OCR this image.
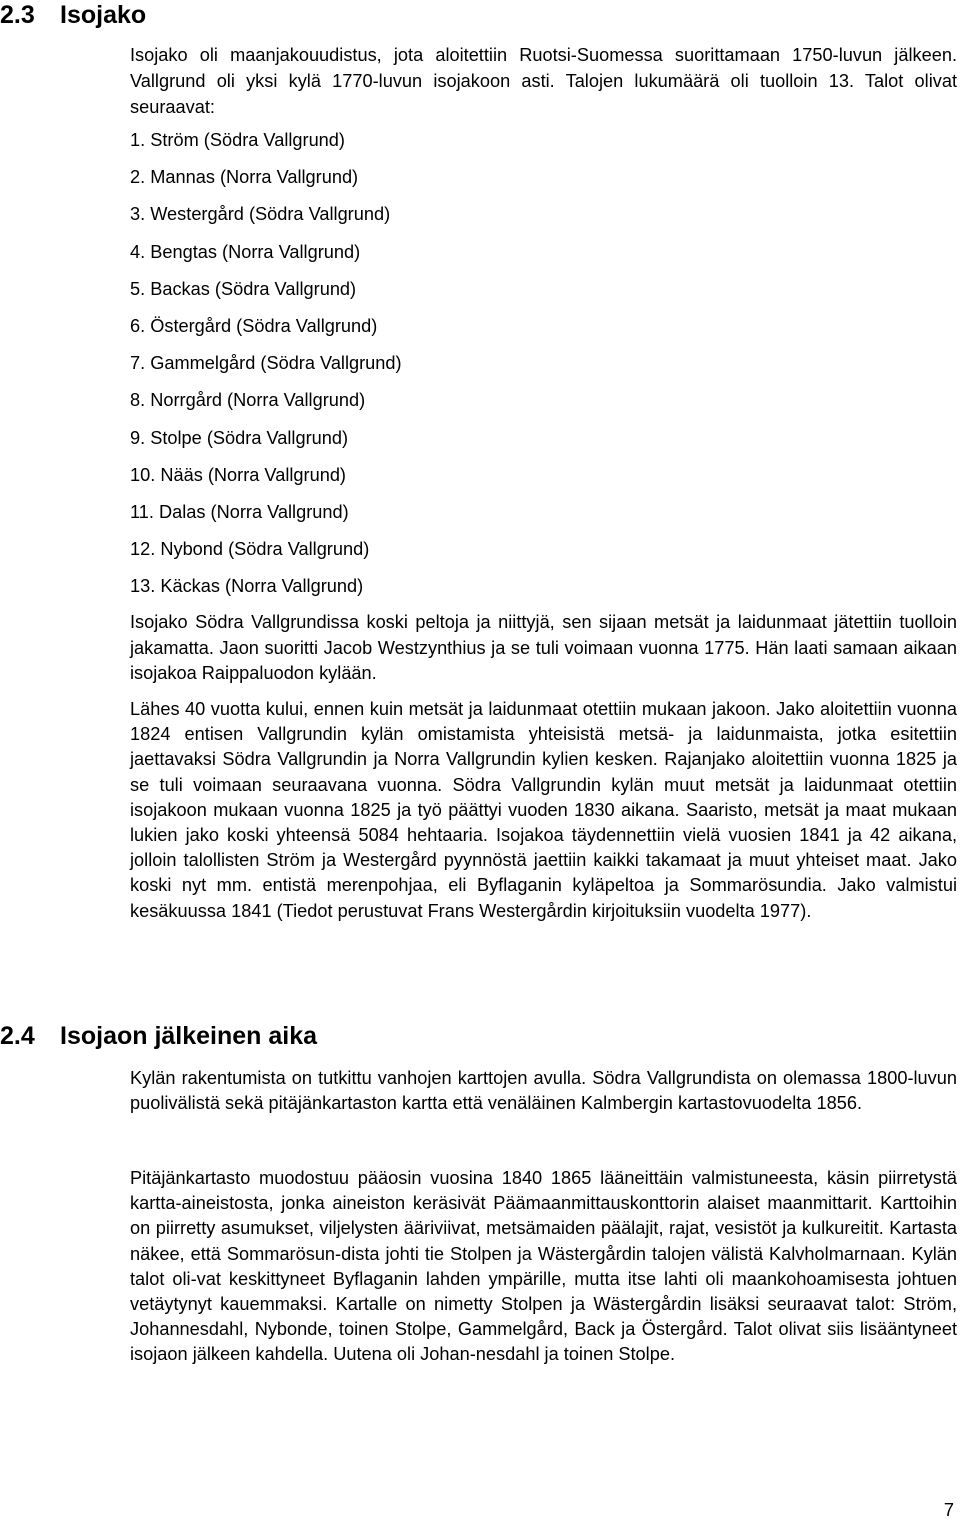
2.3 Isojako

Isojako oli maanjakouudistus, jota aloitettiin Ruotsi-Suomessa suorittamaan 1750-luvun jälkeen. Vallgrund oli yksi kylä 1770-luvun isojakoon asti. Talojen lukumäärä oli tuolloin 13. Talot olivat seuraavat:

1. Ström (Södra Vallgrund)
2. Mannas (Norra Vallgrund)
3. Westergård (Södra Vallgrund)
4. Bengtas (Norra Vallgrund)
5. Backas (Södra Vallgrund)
6. Östergård (Södra Vallgrund)
7. Gammelgård (Södra Vallgrund)
8. Norrgård (Norra Vallgrund)
9. Stolpe (Södra Vallgrund)
10. Nääs (Norra Vallgrund)
11. Dalas (Norra Vallgrund)
12. Nybond (Södra Vallgrund)
13. Käckas (Norra Vallgrund)

Isojako Södra Vallgrundissa koski peltoja ja niittyjä, sen sijaan metsät ja laidunmaat jätettiin tuolloin jakamatta. Jaon suoritti Jacob Westzynthius ja se tuli voimaan vuonna 1775. Hän laati samaan aikaan isojakoa Raippaluodon kylään.

Lähes 40 vuotta kului, ennen kuin metsät ja laidunmaat otettiin mukaan jakoon. Jako aloitettiin vuonna 1824 entisen Vallgrundin kylän omistamista yhteisistä metsä- ja laidunmaista, jotka esitettiin jaettavaksi Södra Vallgrundin ja Norra Vallgrundin kylien kesken. Rajanjako aloitettiin vuonna 1825 ja se tuli voimaan seuraavana vuonna. Södra Vallgrundin kylän muut metsät ja laidunmaat otettiin isojakoon mukaan vuonna 1825 ja työ päättyi vuoden 1830 aikana. Saaristo, metsät ja maat mukaan lukien jako koski yhteensä 5084 hehtaaria. Isojakoa täydennettiin vielä vuosien 1841 ja 42 aikana, jolloin talollisten Ström ja Westergård pyynnöstä jaettiin kaikki takamaat ja muut yhteiset maat. Jako koski nyt mm. entistä merenpohjaa, eli Byflaganin kyläpeltoa ja Sommarösundia. Jako valmistui kesäkuussa 1841 (Tiedot perustuvat Frans Westergårdin kirjoituksiin vuodelta 1977).

2.4 Isojaon jälkeinen aika

Kylän rakentumista on tutkittu vanhojen karttojen avulla. Södra Vallgrundista on olemassa 1800-luvun puolivälistä sekä pitäjänkartaston kartta että venäläinen Kalmbergin kartastovuodelta 1856.

Pitäjänkartasto muodostuu pääosin vuosina 1840 1865 lääneittäin valmistuneesta, käsin piirretystä kartta-aineistosta, jonka aineiston keräsivät Päämaanmittauskonttorin alaiset maanmittarit. Karttoihin on piirretty asumukset, viljelysten ääriviivat, metsämaiden päälajit, rajat, vesistöt ja kulkureitit. Kartasta näkee, että Sommarösun-dista johti tie Stolpen ja Wästergårdin talojen välistä Kalvholmarnaan. Kylän talot oli-vat keskittyneet Byflaganin lahden ympärille, mutta itse lahti oli maankohoamisesta johtuen vetäytynyt kauemmaksi. Kartalle on nimetty Stolpen ja Wästergårdin lisäksi seuraavat talot: Ström, Johannesdahl, Nybonde, toinen Stolpe, Gammelgård, Back ja Östergård. Talot olivat siis lisääntyneet isojaon jälkeen kahdella. Uutena oli Johan-nesdahl ja toinen Stolpe.

7
